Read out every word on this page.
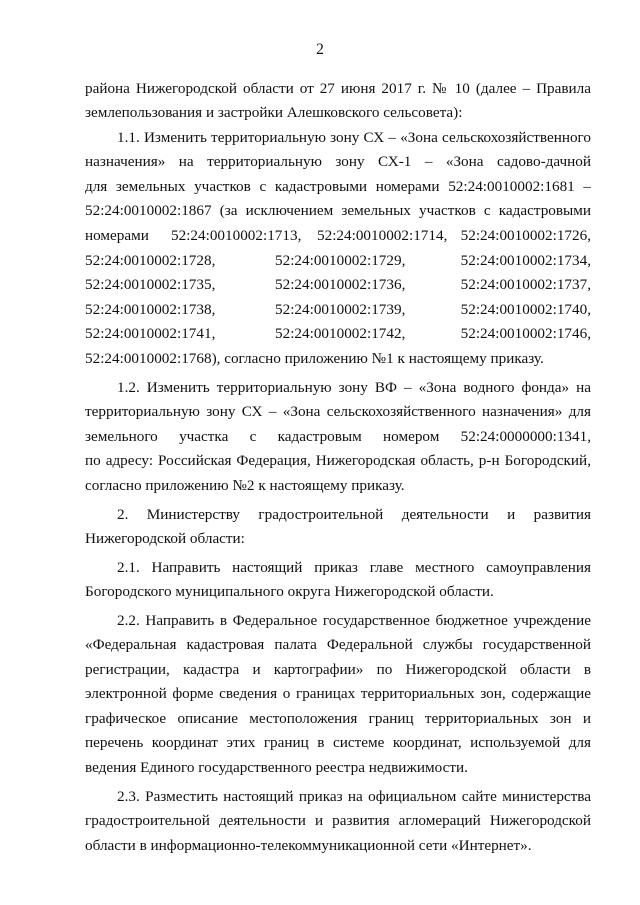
2
района Нижегородской области от 27 июня 2017 г. № 10 (далее – Правила
землепользования и застройки Алешковского сельсовета):
1.1. Изменить территориальную зону СХ – «Зона сельскохозяйственного
назначения» на территориальную зону СХ-1 – «Зона садово-дачной
для земельных участков с кадастровыми номерами 52:24:0010002:1681 –
52:24:0010002:1867 (за исключением земельных участков с кадастровыми
номерами 52:24:0010002:1713, 52:24:0010002:1714, 52:24:0010002:1726,
52:24:0010002:1728,	52:24:0010002:1729,	52:24:0010002:1734,
52:24:0010002:1735,	52:24:0010002:1736,	52:24:0010002:1737,
52:24:0010002:1738,	52:24:0010002:1739,	52:24:0010002:1740,
52:24:0010002:1741,	52:24:0010002:1742,	52:24:0010002:1746,
52:24:0010002:1768), согласно приложению №1 к настоящему приказу.
1.2. Изменить территориальную зону ВФ – «Зона водного фонда» на
территориальную зону СХ – «Зона сельскохозяйственного назначения» для
земельного участка с кадастровым номером 52:24:0000000:1341,
по адресу: Российская Федерация, Нижегородская область, р-н Богородский,
согласно приложению №2 к настоящему приказу.
2. Министерству градостроительной деятельности и развития
Нижегородской области:
2.1. Направить настоящий приказ главе местного самоуправления
Богородского муниципального округа Нижегородской области.
2.2. Направить в Федеральное государственное бюджетное учреждение
«Федеральная кадастровая палата Федеральной службы государственной
регистрации, кадастра и картографии» по Нижегородской области в
электронной форме сведения о границах территориальных зон, содержащие
графическое описание местоположения границ территориальных зон и
перечень координат этих границ в системе координат, используемой для
ведения Единого государственного реестра недвижимости.
2.3. Разместить настоящий приказ на официальном сайте министерства
градостроительной деятельности и развития агломераций Нижегородской
области в информационно-телекоммуникационной сети «Интернет».
